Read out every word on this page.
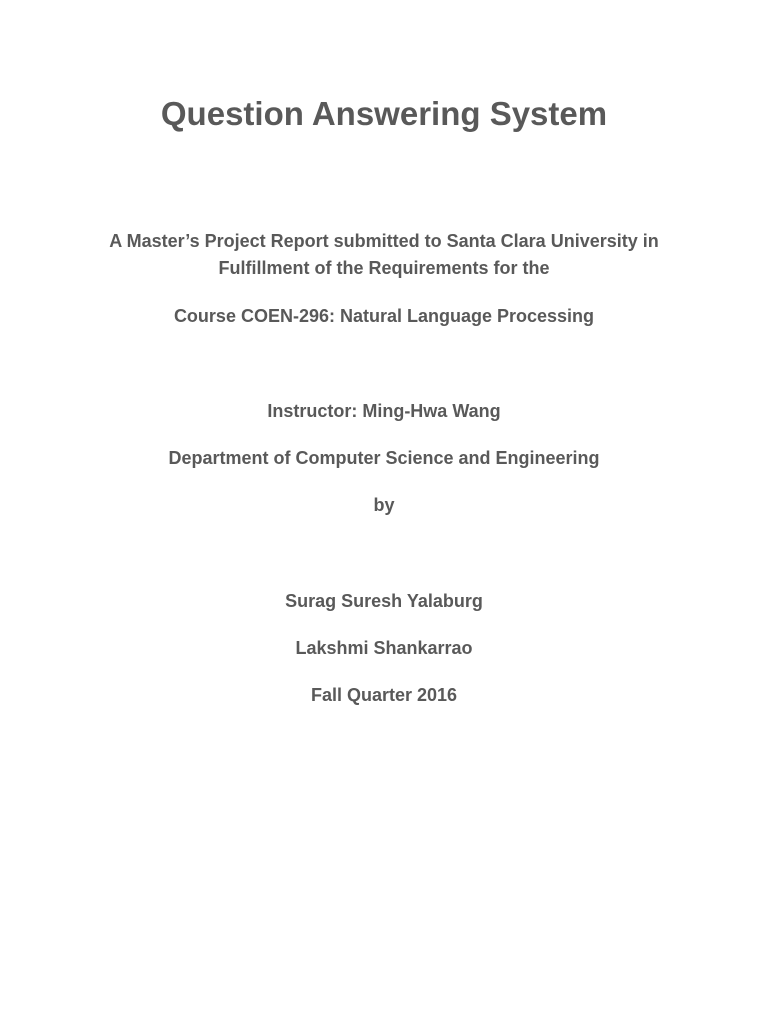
Question Answering System
A Master’s Project Report submitted to Santa Clara University in
Fulfillment of the Requirements for the
Course COEN-296: Natural Language Processing
Instructor: Ming-Hwa Wang
Department of Computer Science and Engineering
by
Surag Suresh Yalaburg
Lakshmi Shankarrao
Fall Quarter 2016
